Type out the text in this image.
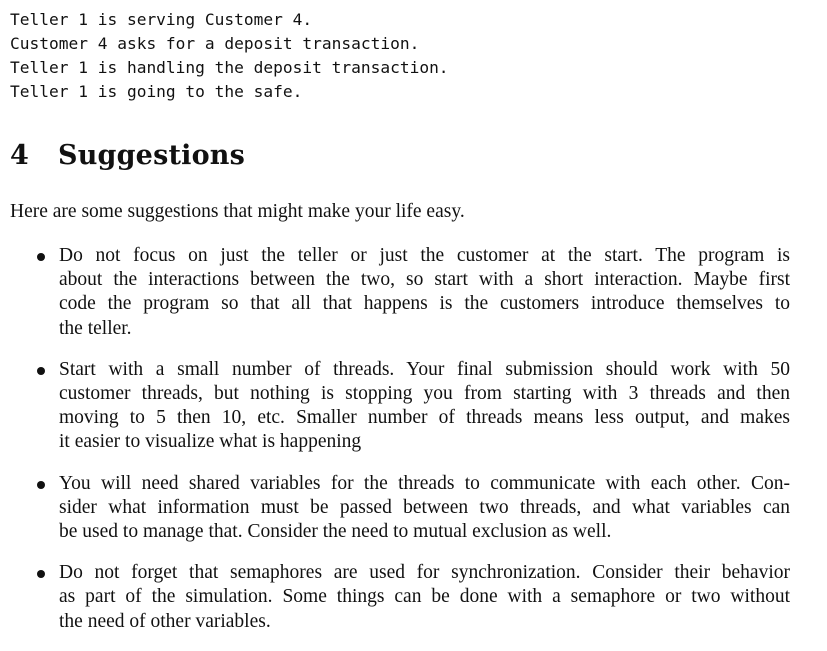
Teller 1 is serving Customer 4.
Customer 4 asks for a deposit transaction.
Teller 1 is handling the deposit transaction.
Teller 1 is going to the safe.
4 Suggestions

Here are some suggestions that might make your life easy.

Do not focus on just the teller or just the customer at the start. The program is
about the interactions between the two, so start with a short interaction. Maybe first
code the program so that all that happens is the customers introduce themselves to
the teller.
Start with a small number of threads. Your final submission should work with 50
customer threads, but nothing is stopping you from starting with 3 threads and then
moving to 5 then 10, etc. Smaller number of threads means less output, and makes
it easier to visualize what is happening
You will need shared variables for the threads to communicate with each other. Con-
sider what information must be passed between two threads, and what variables can
be used to manage that. Consider the need to mutual exclusion as well.
Do not forget that semaphores are used for synchronization. Consider their behavior
as part of the simulation. Some things can be done with a semaphore or two without
the need of other variables.
